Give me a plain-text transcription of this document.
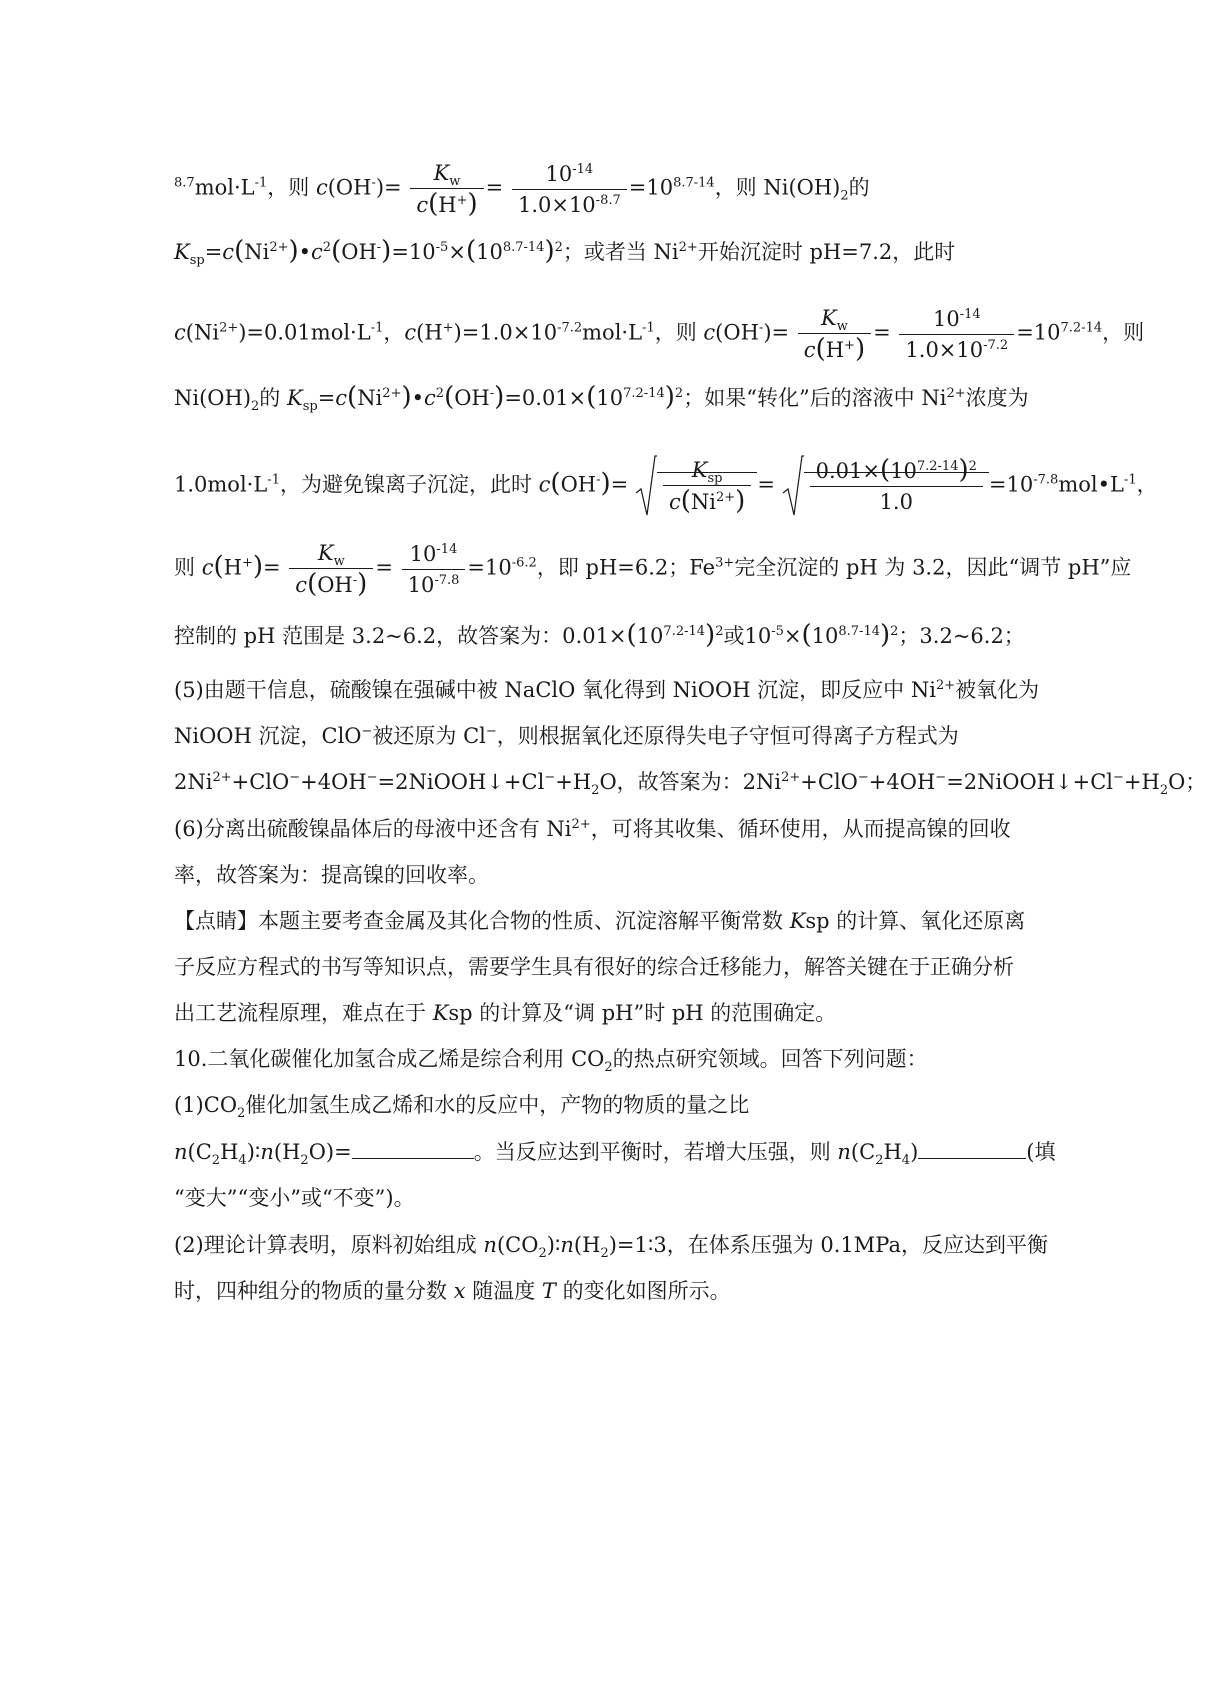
$^{8.7}mol\cdot L^{-1}$，则 $c(OH^-)= \frac{K_w}{c(H^+)} = \frac{10^{-14}}{1.0\times 10^{-8.7}} =10^{8.7-14}$，则 $Ni(OH)_2$的
$K_{sp}=c(Ni^{2+})•c^2(OH^-)=10^{-5}\times(10^{8.7-14})^2$；或者当 $Ni^{2+}$开始沉淀时 pH=7.2，此时
$c(Ni^{2+})=0.01mol\cdot L^{-1}$，$c(H^+)=1.0\times 10^{-7.2}mol\cdot L^{-1}$，则 $c(OH^-)= \frac{K_w}{c(H^+)} = \frac{10^{-14}}{1.0\times 10^{-7.2}} =10^{7.2-14}$，则
$Ni(OH)_2$的 $K_{sp}=c(Ni^{2+})•c^2(OH^-)=0.01\times(10^{7.2-14})^2$；如果“转化”后的溶液中 $Ni^{2+}$浓度为
$1.0mol\cdot L^{-1}$，为避免镍离子沉淀，此时 $c(OH^-)= \frac{K_{sp}}{c(Ni^{2+})} = \frac{0.01\times(10^{7.2-14})^2}{1.0}$ $=10^{-7.8}mol•L^{-1}$，
则 $c(H^+)= \frac{K_w}{c(OH^-)} = \frac{10^{-14}}{10^{-7.8}} =10^{-6.2}$，即 pH=6.2；$Fe^{3+}$完全沉淀的 pH 为 3.2，因此“调节 pH”应
控制的 pH 范围是 3.2~6.2，故答案为：$0.01\times(10^{7.2-14})^2$或$10^{-5}\times(10^{8.7-14})^2$；3.2~6.2；
(5)由题干信息，硫酸镍在强碱中被 NaClO 氧化得到 NiOOH 沉淀，即反应中 $Ni^{2+}$被氧化为
NiOOH 沉淀，ClO−被还原为 Cl−，则根据氧化还原得失电子守恒可得离子方程式为
$2Ni^{2+}+ClO^-+4OH^-=2NiOOH↓+Cl^-+H_2O$，故答案为：$2Ni^{2+}+ClO^-+4OH^-=2NiOOH↓+Cl^-+H_2O$；
(6)分离出硫酸镍晶体后的母液中还含有 $Ni^{2+}$，可将其收集、循环使用，从而提高镍的回收
率，故答案为：提高镍的回收率。
【点睛】本题主要考查金属及其化合物的性质、沉淀溶解平衡常数 Ksp 的计算、氧化还原离
子反应方程式的书写等知识点，需要学生具有很好的综合迁移能力，解答关键在于正确分析
出工艺流程原理，难点在于 Ksp 的计算及“调 pH”时 pH 的范围确定。
10.二氧化碳催化加氢合成乙烯是综合利用 $CO_2$的热点研究领域。回答下列问题：
$(1)CO_2$催化加氢生成乙烯和水的反应中，产物的物质的量之比
$n(C_2H_4)∶n(H_2O)=$	。当反应达到平衡时，若增大压强，则 $n(C_2H_4)$	(填
“变大”“变小”或“不变”)。
(2)理论计算表明，原料初始组成 $n(CO_2)∶n(H_2)=1∶3$，在体系压强为 0.1MPa，反应达到平衡
时，四种组分的物质的量分数 x 随温度 T 的变化如图所示。
